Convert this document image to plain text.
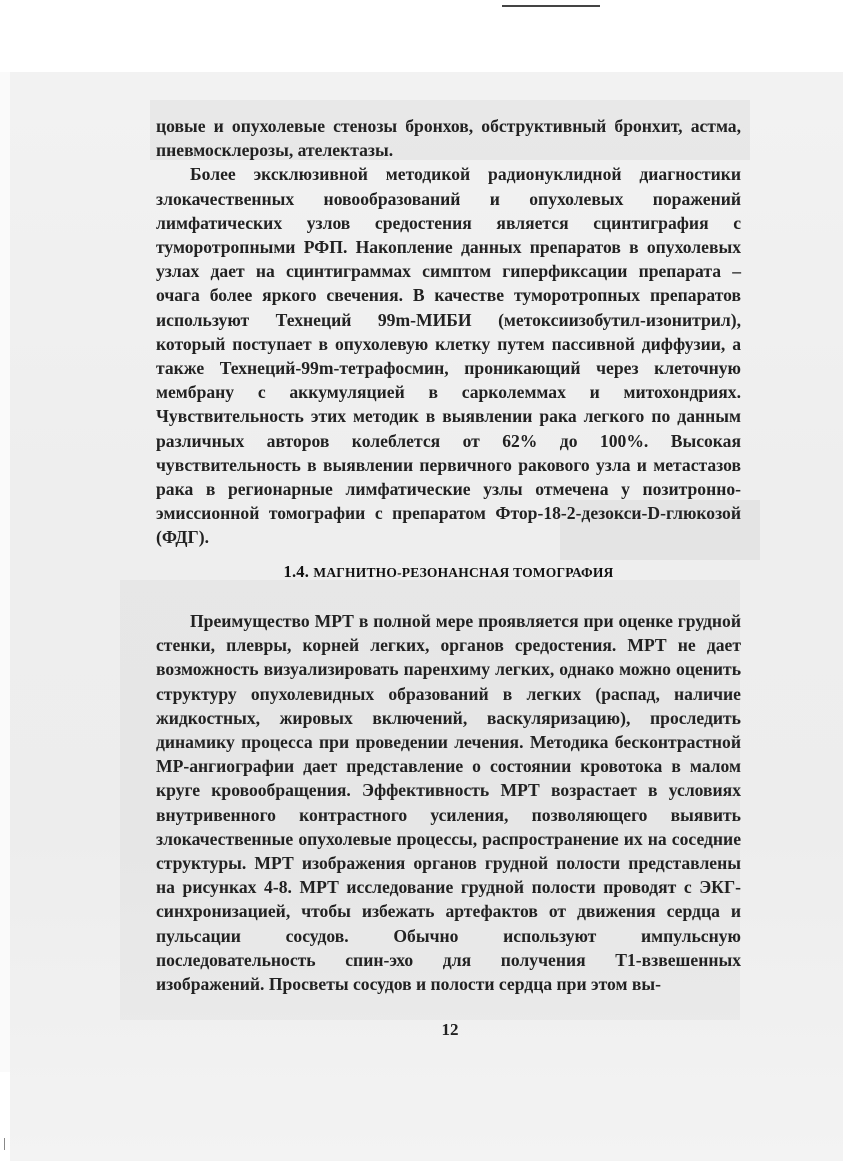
цовые и опухолевые стенозы бронхов, обструктивный бронхит, астма, пневмосклерозы, ателектазы.

Более эксклюзивной методикой радионуклидной диагностики злокачественных новообразований и опухолевых поражений лимфатических узлов средостения является сцинтиграфия с туморотропными РФП. Накопление данных препаратов в опухолевых узлах дает на сцинтиграммах симптом гиперфиксации препарата – очага более яркого свечения. В качестве туморотропных препаратов используют Технеций 99m-МИБИ (метоксиизобутил-изонитрил), который поступает в опухолевую клетку путем пассивной диффузии, а также Технеций-99m-тетрафосмин, проникающий через клеточную мембрану с аккумуляцией в сарколеммах и митохондриях. Чувствительность этих методик в выявлении рака легкого по данным различных авторов колеблется от 62% до 100%. Высокая чувствительность в выявлении первичного ракового узла и метастазов рака в регионарные лимфатические узлы отмечена у позитронно-эмиссионной томографии с препаратом Фтор-18-2-дезокси-D-глюкозой (ФДГ).

1.4. МАГНИТНО-РЕЗОНАНСНАЯ ТОМОГРАФИЯ

Преимущество МРТ в полной мере проявляется при оценке грудной стенки, плевры, корней легких, органов средостения. МРТ не дает возможность визуализировать паренхиму легких, однако можно оценить структуру опухолевидных образований в легких (распад, наличие жидкостных, жировых включений, васкуляризацию), проследить динамику процесса при проведении лечения. Методика бесконтрастной МР-ангиографии дает представление о состоянии кровотока в малом круге кровообращения. Эффективность МРТ возрастает в условиях внутривенного контрастного усиления, позволяющего выявить злокачественные опухолевые процессы, распространение их на соседние структуры. МРТ изображения органов грудной полости представлены на рисунках 4-8. МРТ исследование грудной полости проводят с ЭКГ-синхронизацией, чтобы избежать артефактов от движения сердца и пульсации сосудов. Обычно используют импульсную последовательность спин-эхо для получения Т1-взвешенных изображений. Просветы сосудов и полости сердца при этом вы-

12
